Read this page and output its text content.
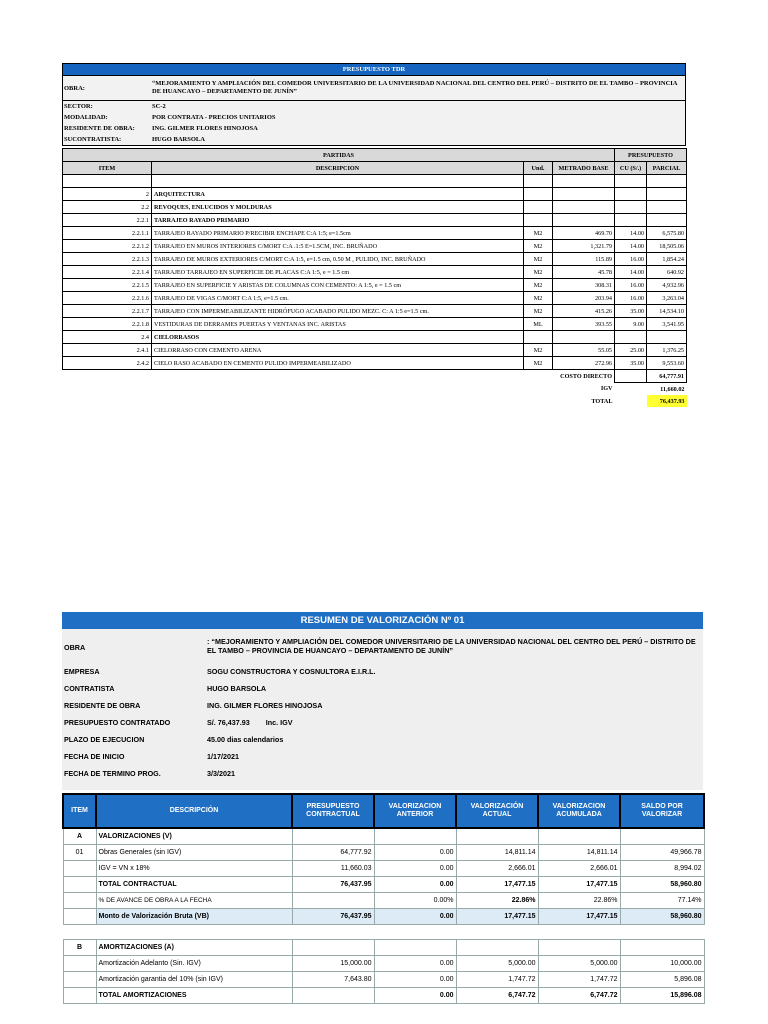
PRESUPUESTO TDR
OBRA:
“MEJORAMIENTO Y AMPLIACIÓN DEL COMEDOR UNIVERSITARIO DE LA UNIVERSIDAD NACIONAL DEL CENTRO DEL PERÚ – DISTRITO DE EL TAMBO – PROVINCIA DE HUANCAYO – DEPARTAMENTO DE JUNÍN”
SECTOR:	SC-2
MODALIDAD:	POR CONTRATA - PRECIOS UNITARIOS
RESIDENTE DE OBRA:	ING. GILMER FLORES HINOJOSA
SUCONTRATISTA:	HUGO BARSOLA
PARTIDAS				PRESUPUESTO	
ITEM	DESCRIPCION	Und.	METRADO BASE	CU (S/.)	PARCIAL

2	ARQUITECTURA				
2.2	REVOQUES, ENLUCIDOS Y MOLDURAS				
2.2.1	TARRAJEO RAYADO PRIMARIO				
2.2.1.1	TARRAJEO RAYADO PRIMARIO P/RECIBIR ENCHAPE C:A 1:5; e=1.5cm	M2	469.70	14.00	6,575.80
2.2.1.2	TARRAJEO EN MUROS INTERIORES C/MORT C:A .1:5 E=1.5CM, INC. BRUÑADO	M2	1,321.79	14.00	18,505.06
2.2.1.3	TARRAJEO DE MUROS EXTERIORES C/MORT C:A 1:5, e=1.5 cm, 0.50 M , PULIDO, INC. BRUÑADO	M2	115.89	16.00	1,854.24
2.2.1.4	TARRAJEO TARRAJEO EN SUPERFICIE DE PLACAS C:A 1:5, e = 1.5 cm	M2	45.78	14.00	640.92
2.2.1.5	TARRAJEO EN SUPERFICIE Y ARISTAS DE COLUMNAS CON CEMENTO: A 1:5, e = 1.5 cm	M2	308.31	16.00	4,932.96
2.2.1.6	TARRAJEO DE VIGAS C/MORT C:A 1:5, e=1.5 cm.	M2	203.94	16.00	3,263.04
2.2.1.7	TARRAJEO CON IMPERMEABILIZANTE HIDRÓFUGO ACABADO PULIDO MEZC. C: A 1:5 e=1.5 cm.	M2	415.26	35.00	14,534.10
2.2.1.8	VESTIDURAS DE DERRAMES PUERTAS Y VENTANAS INC. ARISTAS	ML	393.55	9.00	3,541.95
2.4	CIELORRASOS				
2.4.1	CIELORRASO CON CEMENTO ARENA	M2	55.05	25.00	1,376.25
2.4.2	CIELO RASO ACABADO EN CEMENTO PULIDO IMPERMEABILIZADO	M2	272.96	35.00	9,553.60
COSTO DIRECTO					64,777.91
IGV					11,660.02
TOTAL					76,437.93
RESUMEN DE VALORIZACIÓN Nº 01
OBRA
: “MEJORAMIENTO Y AMPLIACIÓN DEL COMEDOR UNIVERSITARIO DE LA UNIVERSIDAD NACIONAL DEL CENTRO DEL PERÚ – DISTRITO DE EL TAMBO – PROVINCIA DE HUANCAYO – DEPARTAMENTO DE JUNÍN”
EMPRESA	SOGU CONSTRUCTORA Y COSNULTORA E.I.R.L.
CONTRATISTA	HUGO BARSOLA
RESIDENTE DE OBRA	ING. GILMER FLORES HINOJOSA
PRESUPUESTO CONTRATADO	S/. 76,437.93 Inc. IGV
PLAZO DE EJECUCION	45.00 dias calendarios
FECHA DE INICIO	1/17/2021
FECHA DE TERMINO PROG.	3/3/2021
ITEM	DESCRIPCIÓN	PRESUPUESTO CONTRACTUAL	VALORIZACION ANTERIOR	VALORIZACIÓN ACTUAL	VALORIZACION ACUMULADA	SALDO POR VALORIZAR
A	VALORIZACIONES (V)					
01	Obras Generales (sin IGV)	64,777.92	0.00	14,811.14	14,811.14	49,966.78
	IGV = VN x 18%	11,660.03	0.00	2,666.01	2,666.01	8,994.02
	TOTAL CONTRACTUAL	76,437.95	0.00	17,477.15	17,477.15	58,960.80
	% DE AVANCE DE OBRA A LA FECHA		0.00%	22.86%	22.86%	77.14%
	Monto de Valorización Bruta (VB)	76,437.95	0.00	17,477.15	17,477.15	58,960.80

B	AMORTIZACIONES (A)					
	Amortización Adelanto (Sin. IGV)	15,000.00	0.00	5,000.00	5,000.00	10,000.00
	Amortización garantia del 10% (sin IGV)	7,643.80	0.00	1,747.72	1,747.72	5,896.08
	TOTAL AMORTIZACIONES		0.00	6,747.72	6,747.72	15,896.08
